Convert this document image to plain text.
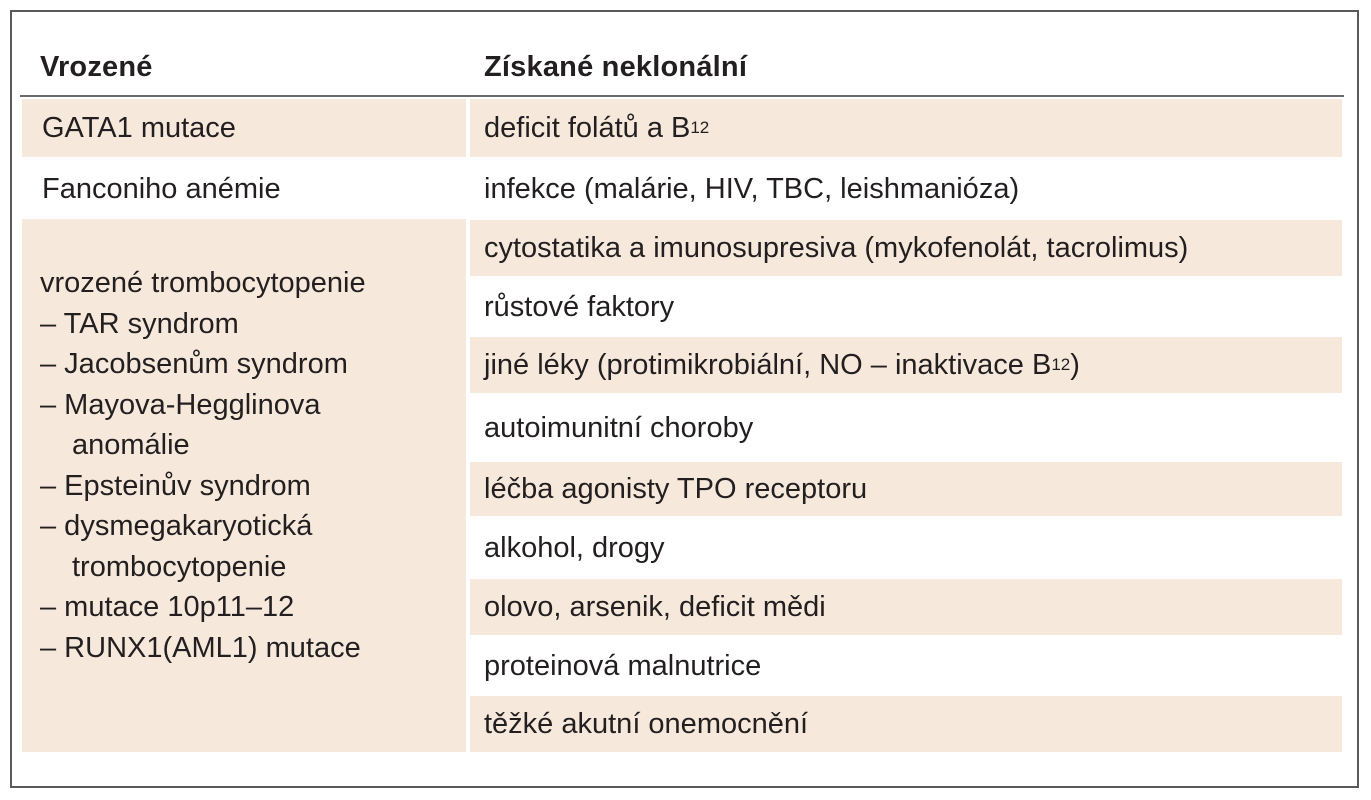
Vrozené	Získané neklonální
GATA1 mutace
Fanconiho anémie
vrozené trombocytopenie
– TAR syndrom
– Jacobsenům syndrom
– Mayova-Hegglinova
anomálie
– Epsteinův syndrom
– dysmegakaryotická
trombocytopenie
– mutace 10p11–12
– RUNX1(AML1) mutace
deficit folátů a B 12
infekce (malárie, HIV, TBC, leishmanióza)
cytostatika a imunosupresiva (mykofenolát, tacrolimus)
růstové faktory
jiné léky (protimikrobiální, NO – inaktivace B 12 )
autoimunitní choroby
léčba agonisty TPO receptoru
alkohol, drogy
olovo, arsenik, deficit mědi
proteinová malnutrice
těžké akutní onemocnění
